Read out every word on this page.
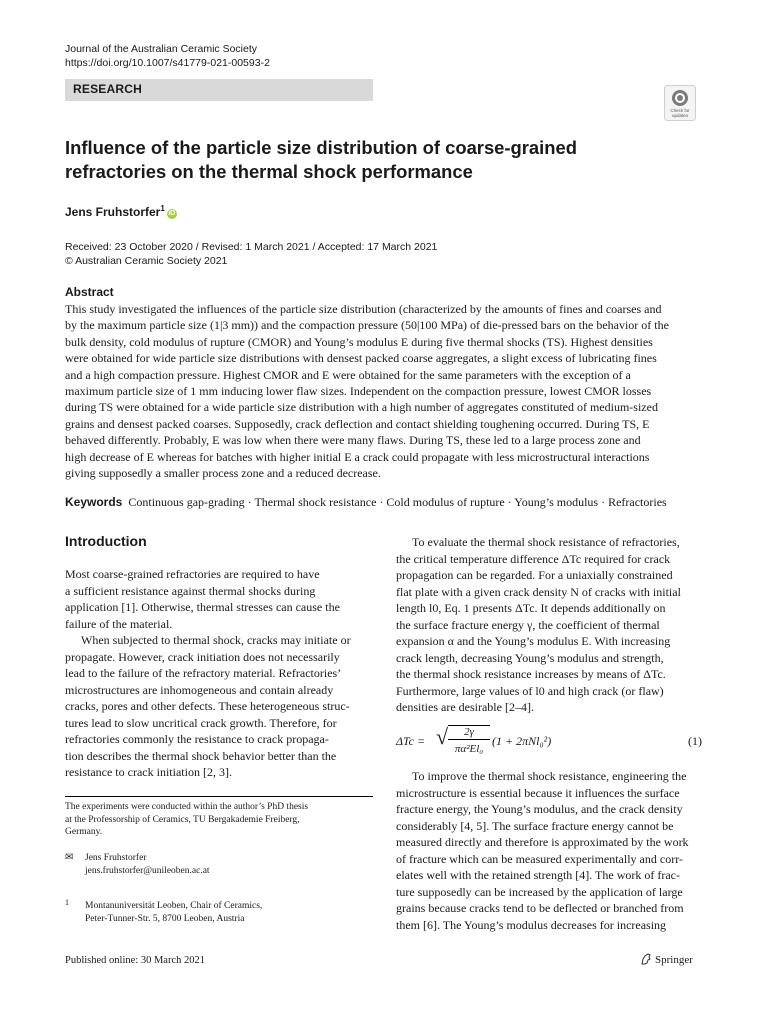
Journal of the Australian Ceramic Society
https://doi.org/10.1007/s41779-021-00593-2
RESEARCH
Check for
updates
Influence of the particle size distribution of coarse-grained
refractories on the thermal shock performance
Jens Fruhstorfer$^1$iD
Received: 23 October 2020 / Revised: 1 March 2021 / Accepted: 17 March 2021
© Australian Ceramic Society 2021
Abstract
This study investigated the influences of the particle size distribution (characterized by the amounts of fines and coarses and
by the maximum particle size (1|3 mm)) and the compaction pressure (50|100 MPa) of die-pressed bars on the behavior of the
bulk density, cold modulus of rupture (CMOR) and Young’s modulus E during five thermal shocks (TS). Highest densities
were obtained for wide particle size distributions with densest packed coarse aggregates, a slight excess of lubricating fines
and a high compaction pressure. Highest CMOR and E were obtained for the same parameters with the exception of a
maximum particle size of 1 mm inducing lower flaw sizes. Independent on the compaction pressure, lowest CMOR losses
during TS were obtained for a wide particle size distribution with a high number of aggregates constituted of medium-sized
grains and densest packed coarses. Supposedly, crack deflection and contact shielding toughening occurred. During TS, E
behaved differently. Probably, E was low when there were many flaws. During TS, these led to a large process zone and
high decrease of E whereas for batches with higher initial E a crack could propagate with less microstructural interactions
giving supposedly a smaller process zone and a reduced decrease.
Keywords Continuous gap-grading · Thermal shock resistance · Cold modulus of rupture · Young’s modulus · Refractories
Introduction
Most coarse-grained refractories are required to have
a sufficient resistance against thermal shocks during
application [1]. Otherwise, thermal stresses can cause the
failure of the material.
When subjected to thermal shock, cracks may initiate or
propagate. However, crack initiation does not necessarily
lead to the failure of the refractory material. Refractories’
microstructures are inhomogeneous and contain already
cracks, pores and other defects. These heterogeneous struc-
tures lead to slow uncritical crack growth. Therefore, for
refractories commonly the resistance to crack propaga-
tion describes the thermal shock behavior better than the
resistance to crack initiation [2, 3].
The experiments were conducted within the author’s PhD thesis
at the Professorship of Ceramics, TU Bergakademie Freiberg,
Germany.
✉ Jens Fruhstorfer
jens.fruhstorfer@unileoben.ac.at
1	Montanuniversität Leoben, Chair of Ceramics,
Peter-Tunner-Str. 5, 8700 Leoben, Austria
Published online: 30 March 2021	Springer
To evaluate the thermal shock resistance of refractories,
the critical temperature difference ΔTc required for crack
propagation can be regarded. For a uniaxially constrained
flat plate with a given crack density N of cracks with initial
length l0, Eq. 1 presents ΔTc. It depends additionally on
the surface fracture energy γ, the coefficient of thermal
expansion α and the Young’s modulus E. With increasing
crack length, decreasing Young’s modulus and strength,
the thermal shock resistance increases by means of ΔTc.
Furthermore, large values of l0 and high crack (or flaw)
densities are desirable [2–4].
ΔTc = √	2γ
πα²El₀
(1 + 2πNl₀²)	(1)
To improve the thermal shock resistance, engineering the
microstructure is essential because it influences the surface
fracture energy, the Young’s modulus, and the crack density
considerably [4, 5]. The surface fracture energy cannot be
measured directly and therefore is approximated by the work
of fracture which can be measured experimentally and corr-
elates well with the retained strength [4]. The work of frac-
ture supposedly can be increased by the application of large
grains because cracks tend to be deflected or branched from
them [6]. The Young’s modulus decreases for increasing
